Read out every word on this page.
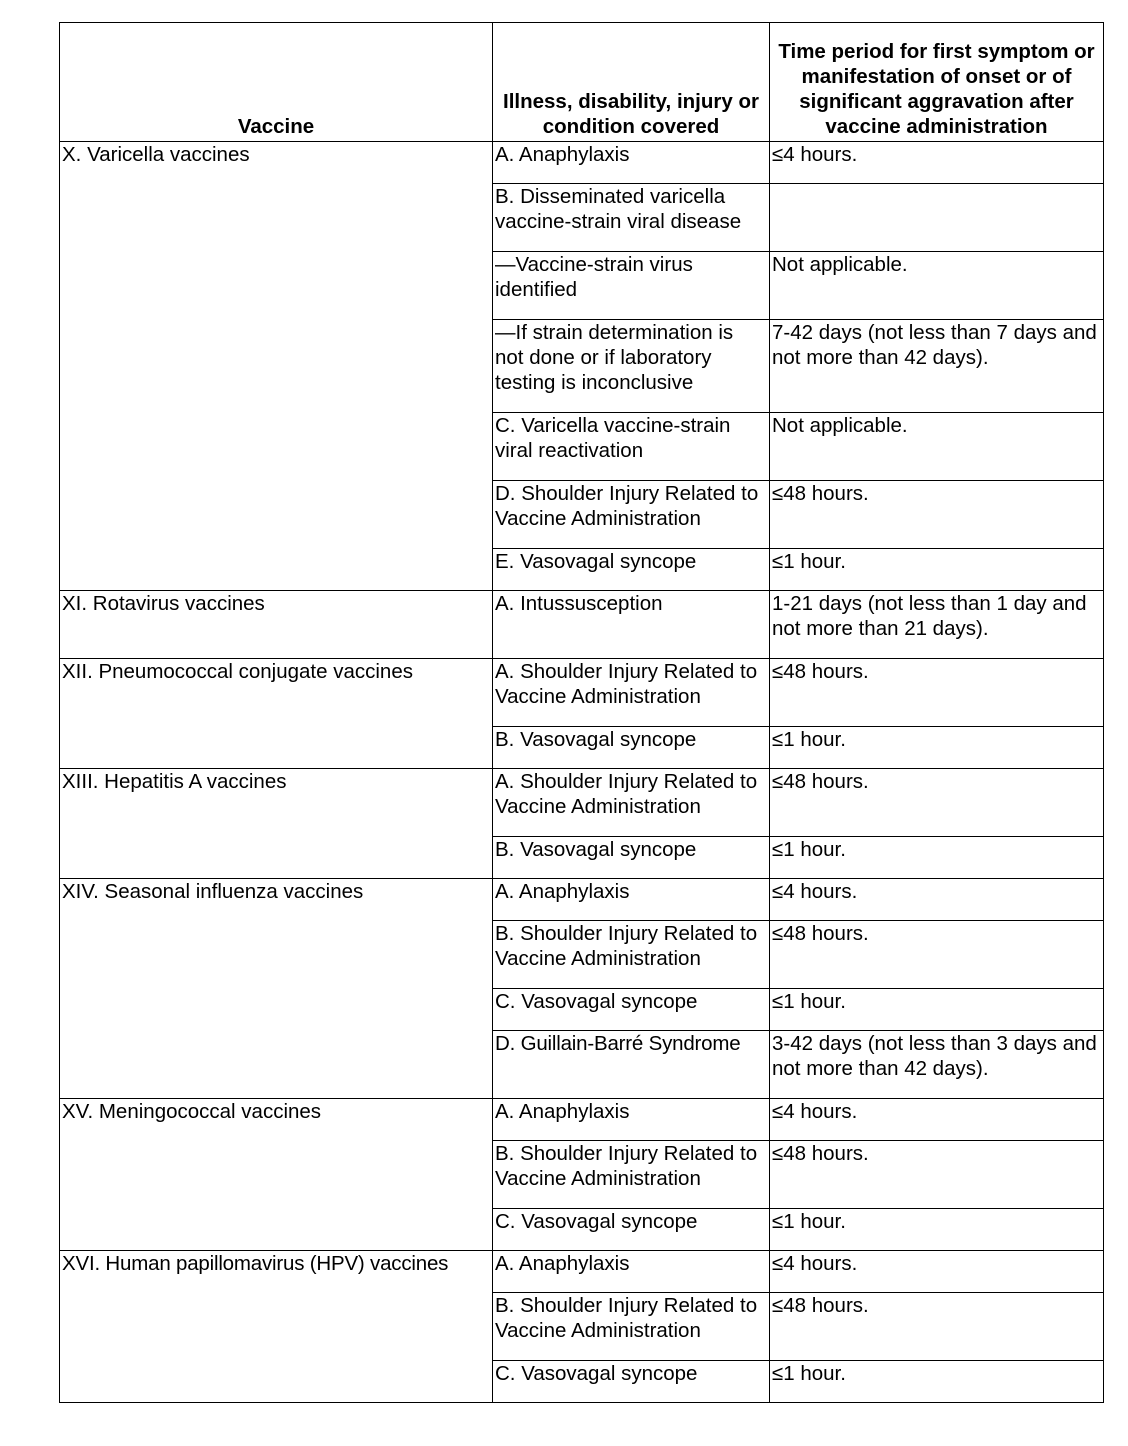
Vaccine	Illness, disability, injury or condition covered	Time period for first symptom or manifestation of onset or of significant aggravation after vaccine administration
X. Varicella vaccines	A. Anaphylaxis	≤4 hours.
	B. Disseminated varicella vaccine-strain viral disease	
	—Vaccine-strain virus identified	Not applicable.
	—If strain determination is not done or if laboratory testing is inconclusive	7-42 days (not less than 7 days and not more than 42 days).
	C. Varicella vaccine-strain viral reactivation	Not applicable.
	D. Shoulder Injury Related to Vaccine Administration	≤48 hours.
	E. Vasovagal syncope	≤1 hour.
XI. Rotavirus vaccines	A. Intussusception	1-21 days (not less than 1 day and not more than 21 days).
XII. Pneumococcal conjugate vaccines	A. Shoulder Injury Related to Vaccine Administration	≤48 hours.
	B. Vasovagal syncope	≤1 hour.
XIII. Hepatitis A vaccines	A. Shoulder Injury Related to Vaccine Administration	≤48 hours.
	B. Vasovagal syncope	≤1 hour.
XIV. Seasonal influenza vaccines	A. Anaphylaxis	≤4 hours.
	B. Shoulder Injury Related to Vaccine Administration	≤48 hours.
	C. Vasovagal syncope	≤1 hour.
	D. Guillain-Barré Syndrome	3-42 days (not less than 3 days and not more than 42 days).
XV. Meningococcal vaccines	A. Anaphylaxis	≤4 hours.
	B. Shoulder Injury Related to Vaccine Administration	≤48 hours.
	C. Vasovagal syncope	≤1 hour.
XVI. Human papillomavirus (HPV) vaccines	A. Anaphylaxis	≤4 hours.
	B. Shoulder Injury Related to Vaccine Administration	≤48 hours.
	C. Vasovagal syncope	≤1 hour.
